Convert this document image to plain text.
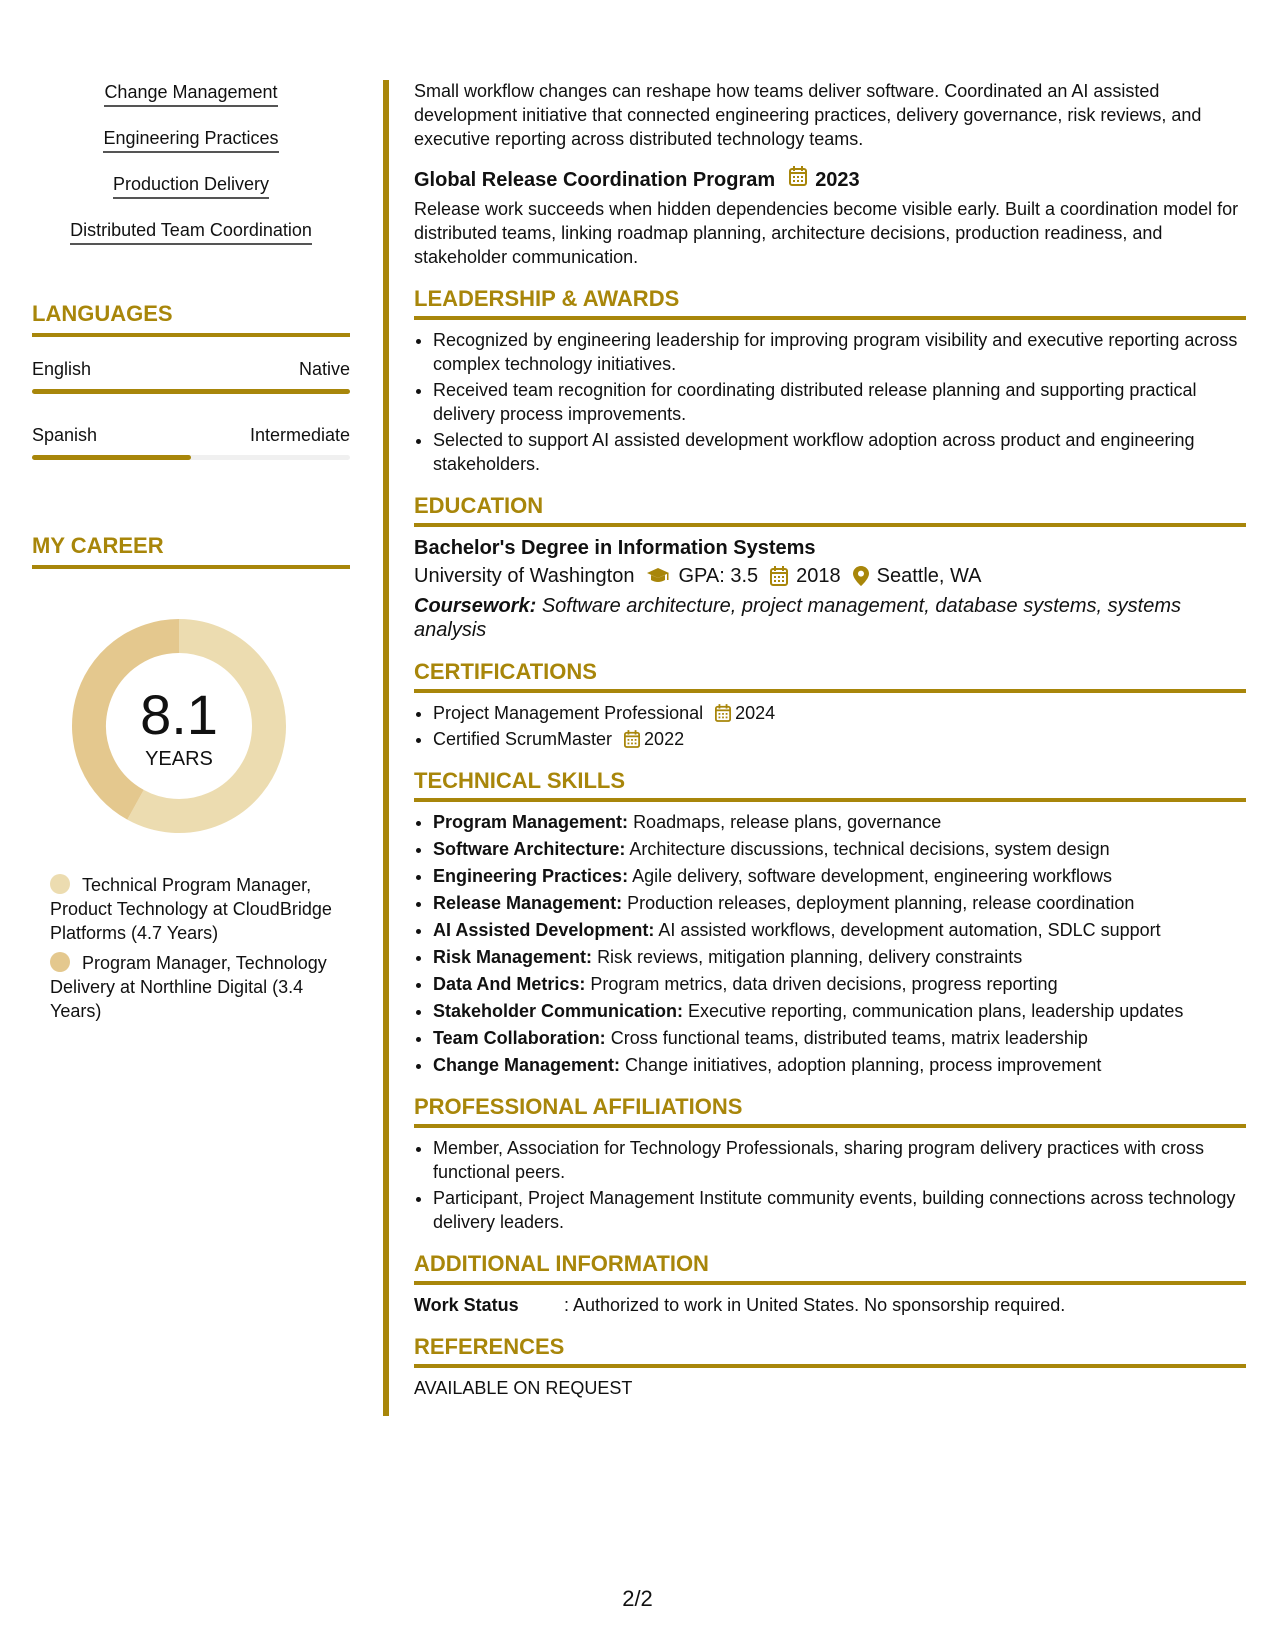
Change Management
Engineering Practices
Production Delivery
Distributed Team Coordination
LANGUAGES
English	Native
Spanish	Intermediate
MY CAREER
8.1
YEARS
Technical Program Manager, Product Technology at CloudBridge Platforms (4.7 Years)
Program Manager, Technology Delivery at Northline Digital (3.4 Years)

Small workflow changes can reshape how teams deliver software. Coordinated an AI assisted development initiative that connected engineering practices, delivery governance, risk reviews, and executive reporting across distributed technology teams.

Global Release Coordination Program 2023

Release work succeeds when hidden dependencies become visible early. Built a coordination model for distributed teams, linking roadmap planning, architecture decisions, production readiness, and stakeholder communication.

LEADERSHIP & AWARDS
• Recognized by engineering leadership for improving program visibility and executive reporting across complex technology initiatives.
• Received team recognition for coordinating distributed release planning and supporting practical delivery process improvements.
• Selected to support AI assisted development workflow adoption across product and engineering stakeholders.
EDUCATION
Bachelor's Degree in Information Systems
University of Washington GPA: 3.5 2018 Seattle, WA
Coursework: Software architecture, project management, database systems, systems analysis
CERTIFICATIONS
• Project Management Professional 2024
• Certified ScrumMaster 2022
TECHNICAL SKILLS
• Program Management: Roadmaps, release plans, governance
• Software Architecture: Architecture discussions, technical decisions, system design
• Engineering Practices: Agile delivery, software development, engineering workflows
• Release Management: Production releases, deployment planning, release coordination
• AI Assisted Development: AI assisted workflows, development automation, SDLC support
• Risk Management: Risk reviews, mitigation planning, delivery constraints
• Data And Metrics: Program metrics, data driven decisions, progress reporting
• Stakeholder Communication: Executive reporting, communication plans, leadership updates
• Team Collaboration: Cross functional teams, distributed teams, matrix leadership
• Change Management: Change initiatives, adoption planning, process improvement
PROFESSIONAL AFFILIATIONS
• Member, Association for Technology Professionals, sharing program delivery practices with cross functional peers.
• Participant, Project Management Institute community events, building connections across technology delivery leaders.
ADDITIONAL INFORMATION
Work Status	: Authorized to work in United States. No sponsorship required.
REFERENCES
AVAILABLE ON REQUEST
2/2
